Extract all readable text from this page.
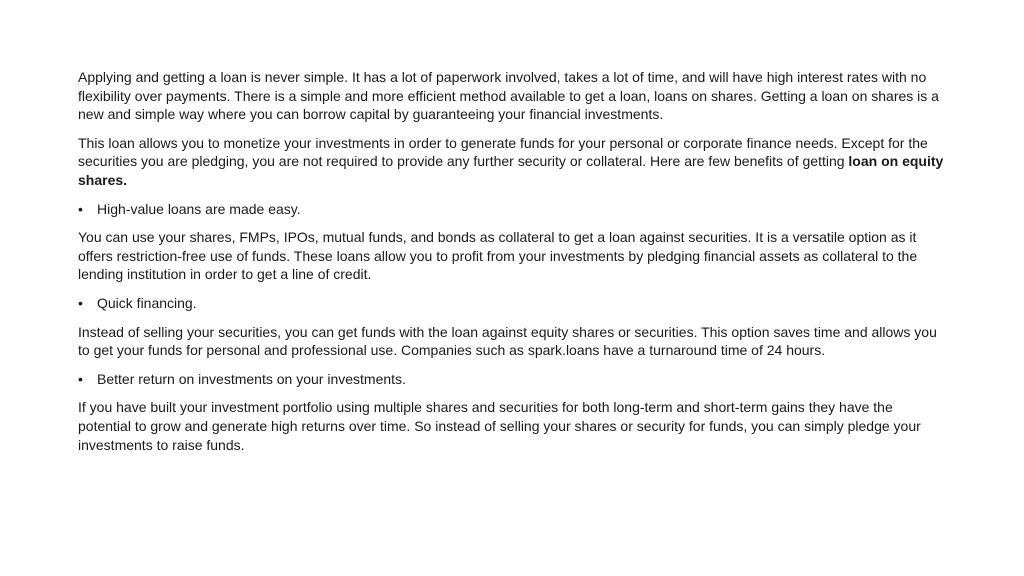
Applying and getting a loan is never simple. It has a lot of paperwork involved, takes a lot of time, and will have high interest rates with no flexibility over payments. There is a simple and more efficient method available to get a loan, loans on shares. Getting a loan on shares is a new and simple way where you can borrow capital by guaranteeing your financial investments.

This loan allows you to monetize your investments in order to generate funds for your personal or corporate finance needs. Except for the securities you are pledging, you are not required to provide any further security or collateral. Here are few benefits of getting loan on equity shares.

•	High-value loans are made easy.

You can use your shares, FMPs, IPOs, mutual funds, and bonds as collateral to get a loan against securities. It is a versatile option as it offers restriction-free use of funds. These loans allow you to profit from your investments by pledging financial assets as collateral to the lending institution in order to get a line of credit.

•	Quick financing.

Instead of selling your securities, you can get funds with the loan against equity shares or securities. This option saves time and allows you to get your funds for personal and professional use. Companies such as spark.loans have a turnaround time of 24 hours.

•	Better return on investments on your investments.

If you have built your investment portfolio using multiple shares and securities for both long-term and short-term gains they have the potential to grow and generate high returns over time. So instead of selling your shares or security for funds, you can simply pledge your investments to raise funds.
